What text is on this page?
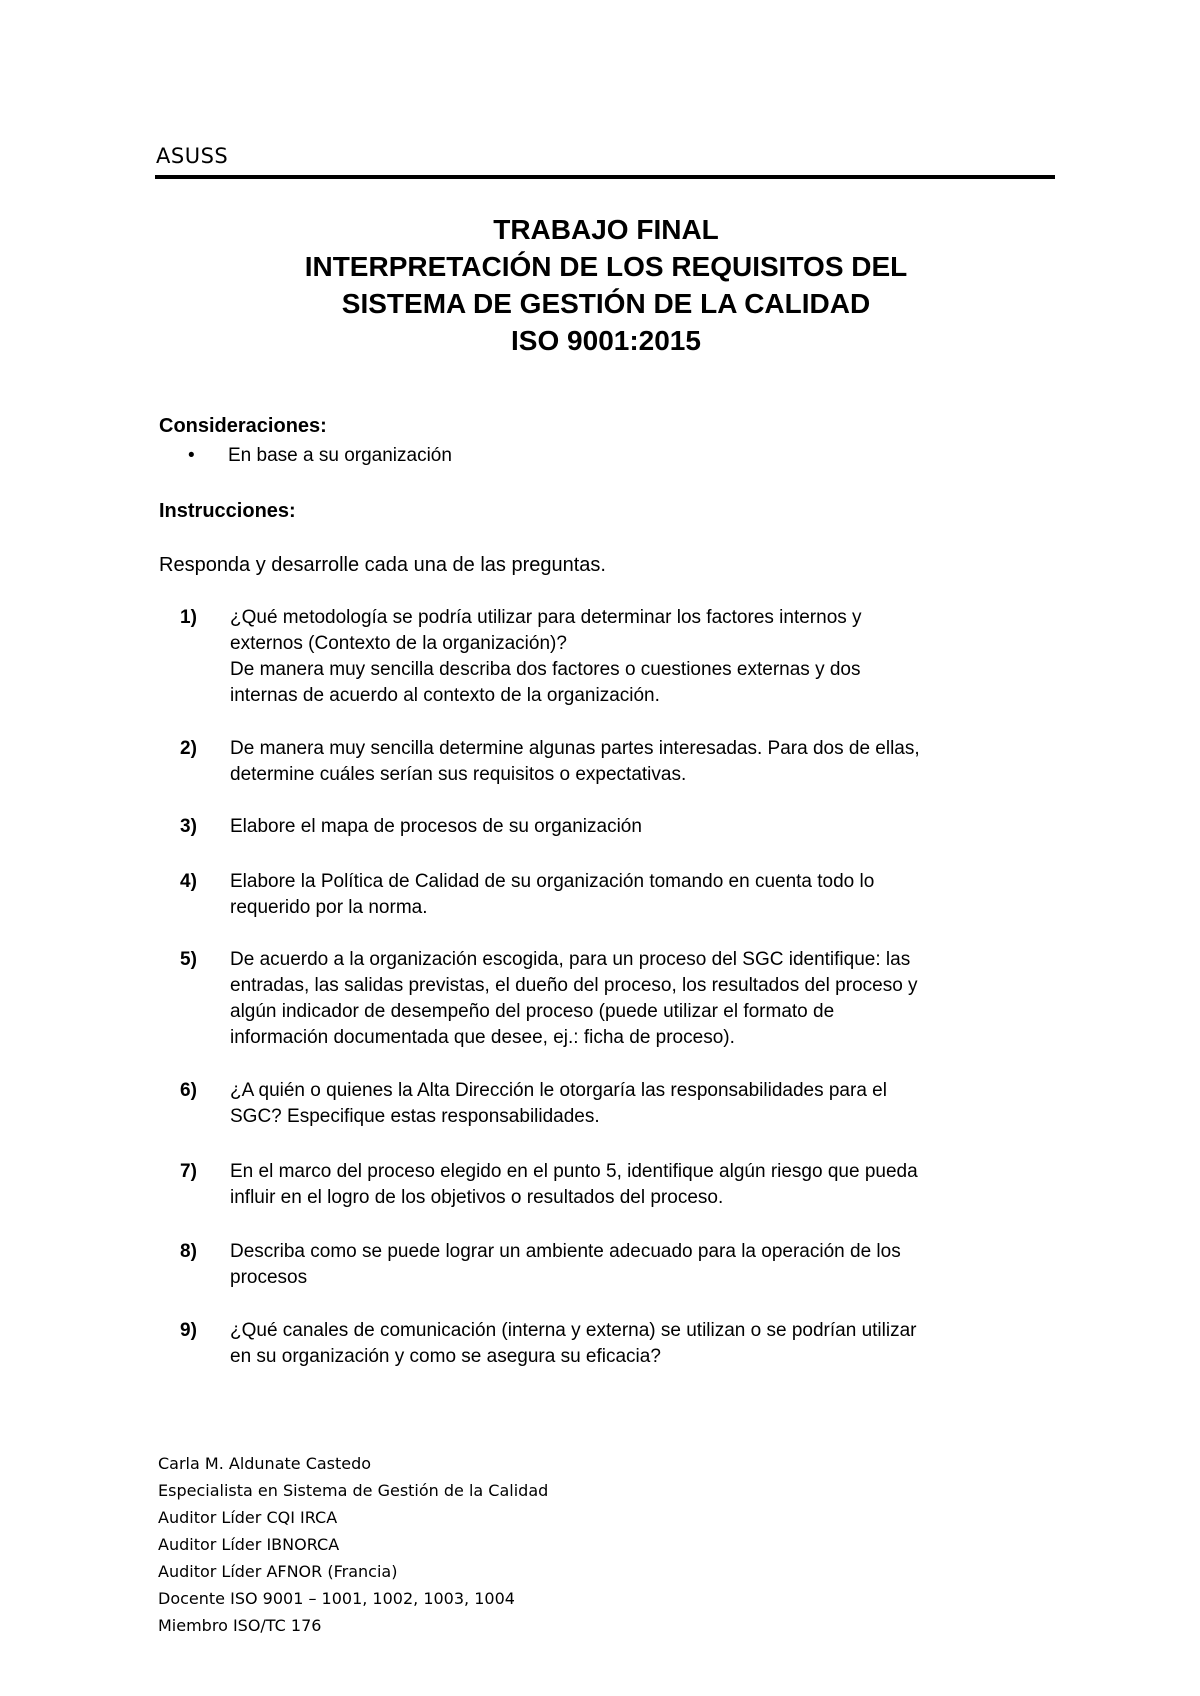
ASUSS
TRABAJO FINAL
INTERPRETACIÓN DE LOS REQUISITOS DEL
SISTEMA DE GESTIÓN DE LA CALIDAD
ISO 9001:2015
Consideraciones:
• En base a su organización
Instrucciones:
Responda y desarrolle cada una de las preguntas.
1) ¿Qué metodología se podría utilizar para determinar los factores internos y
externos (Contexto de la organización)?
De manera muy sencilla describa dos factores o cuestiones externas y dos
internas de acuerdo al contexto de la organización.
2) De manera muy sencilla determine algunas partes interesadas. Para dos de ellas,
determine cuáles serían sus requisitos o expectativas.
3) Elabore el mapa de procesos de su organización
4) Elabore la Política de Calidad de su organización tomando en cuenta todo lo
requerido por la norma.
5) De acuerdo a la organización escogida, para un proceso del SGC identifique: las
entradas, las salidas previstas, el dueño del proceso, los resultados del proceso y
algún indicador de desempeño del proceso (puede utilizar el formato de
información documentada que desee, ej.: ficha de proceso).
6) ¿A quién o quienes la Alta Dirección le otorgaría las responsabilidades para el
SGC? Especifique estas responsabilidades.
7) En el marco del proceso elegido en el punto 5, identifique algún riesgo que pueda
influir en el logro de los objetivos o resultados del proceso.
8) Describa como se puede lograr un ambiente adecuado para la operación de los
procesos
9) ¿Qué canales de comunicación (interna y externa) se utilizan o se podrían utilizar
en su organización y como se asegura su eficacia?
Carla M. Aldunate Castedo
Especialista en Sistema de Gestión de la Calidad
Auditor Líder CQI IRCA
Auditor Líder IBNORCA
Auditor Líder AFNOR (Francia)
Docente ISO 9001 – 1001, 1002, 1003, 1004
Miembro ISO/TC 176
